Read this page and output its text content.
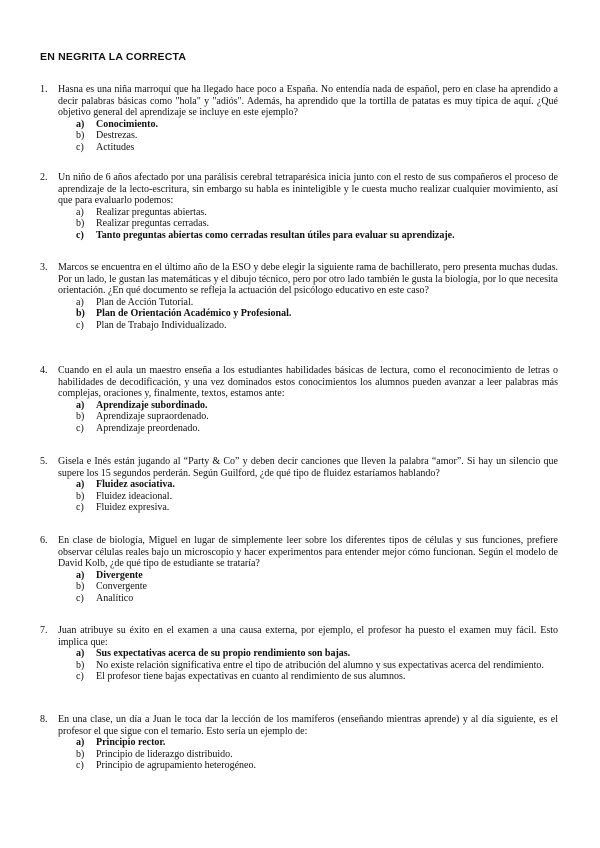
EN NEGRITA LA CORRECTA
1. Hasna es una niña marroquí que ha llegado hace poco a España. No entendía nada de español, pero en clase ha aprendido a decir palabras básicas como "hola" y "adiós". Además, ha aprendido que la tortilla de patatas es muy típica de aquí. ¿Qué objetivo general del aprendizaje se incluye en este ejemplo?
a) Conocimiento.
b) Destrezas.
c) Actitudes
2. Un niño de 6 años afectado por una parálisis cerebral tetraparésica inicia junto con el resto de sus compañeros el proceso de aprendizaje de la lecto-escritura, sin embargo su habla es ininteligible y le cuesta mucho realizar cualquier movimiento, así que para evaluarlo podemos:
a) Realizar preguntas abiertas.
b) Realizar preguntas cerradas.
c) Tanto preguntas abiertas como cerradas resultan útiles para evaluar su aprendizaje.
3. Marcos se encuentra en el último año de la ESO y debe elegir la siguiente rama de bachillerato, pero presenta muchas dudas. Por un lado, le gustan las matemáticas y el dibujo técnico, pero por otro lado también le gusta la biología, por lo que necesita orientación. ¿En qué documento se refleja la actuación del psicólogo educativo en este caso?
a) Plan de Acción Tutorial.
b) Plan de Orientación Académico y Profesional.
c) Plan de Trabajo Individualizado.
4. Cuando en el aula un maestro enseña a los estudiantes habilidades básicas de lectura, como el reconocimiento de letras o habilidades de decodificación, y una vez dominados estos conocimientos los alumnos pueden avanzar a leer palabras más complejas, oraciones y, finalmente, textos, estamos ante:
a) Aprendizaje subordinado.
b) Aprendizaje supraordenado.
c) Aprendizaje preordenado.
5. Gisela e Inés están jugando al “Party & Co” y deben decir canciones que lleven la palabra “amor”. Si hay un silencio que supere los 15 segundos perderán. Según Guilford, ¿de qué tipo de fluidez estaríamos hablando?
a) Fluidez asociativa.
b) Fluidez ideacional.
c) Fluidez expresiva.
6. En clase de biología, Miguel en lugar de simplemente leer sobre los diferentes tipos de células y sus funciones, prefiere observar células reales bajo un microscopio y hacer experimentos para entender mejor cómo funcionan. Según el modelo de David Kolb, ¿de qué tipo de estudiante se trataría?
a) Divergente
b) Convergente
c) Analítico
7. Juan atribuye su éxito en el examen a una causa externa, por ejemplo, el profesor ha puesto el examen muy fácil. Esto implica que:
a) Sus expectativas acerca de su propio rendimiento son bajas.
b) No existe relación significativa entre el tipo de atribución del alumno y sus expectativas acerca del rendimiento.
c) El profesor tiene bajas expectativas en cuanto al rendimiento de sus alumnos.
8. En una clase, un día a Juan le toca dar la lección de los mamíferos (enseñando mientras aprende) y al día siguiente, es el profesor el que sigue con el temario. Esto sería un ejemplo de:
a) Principio rector.
b) Principio de liderazgo distribuido.
c) Principio de agrupamiento heterogéneo.
